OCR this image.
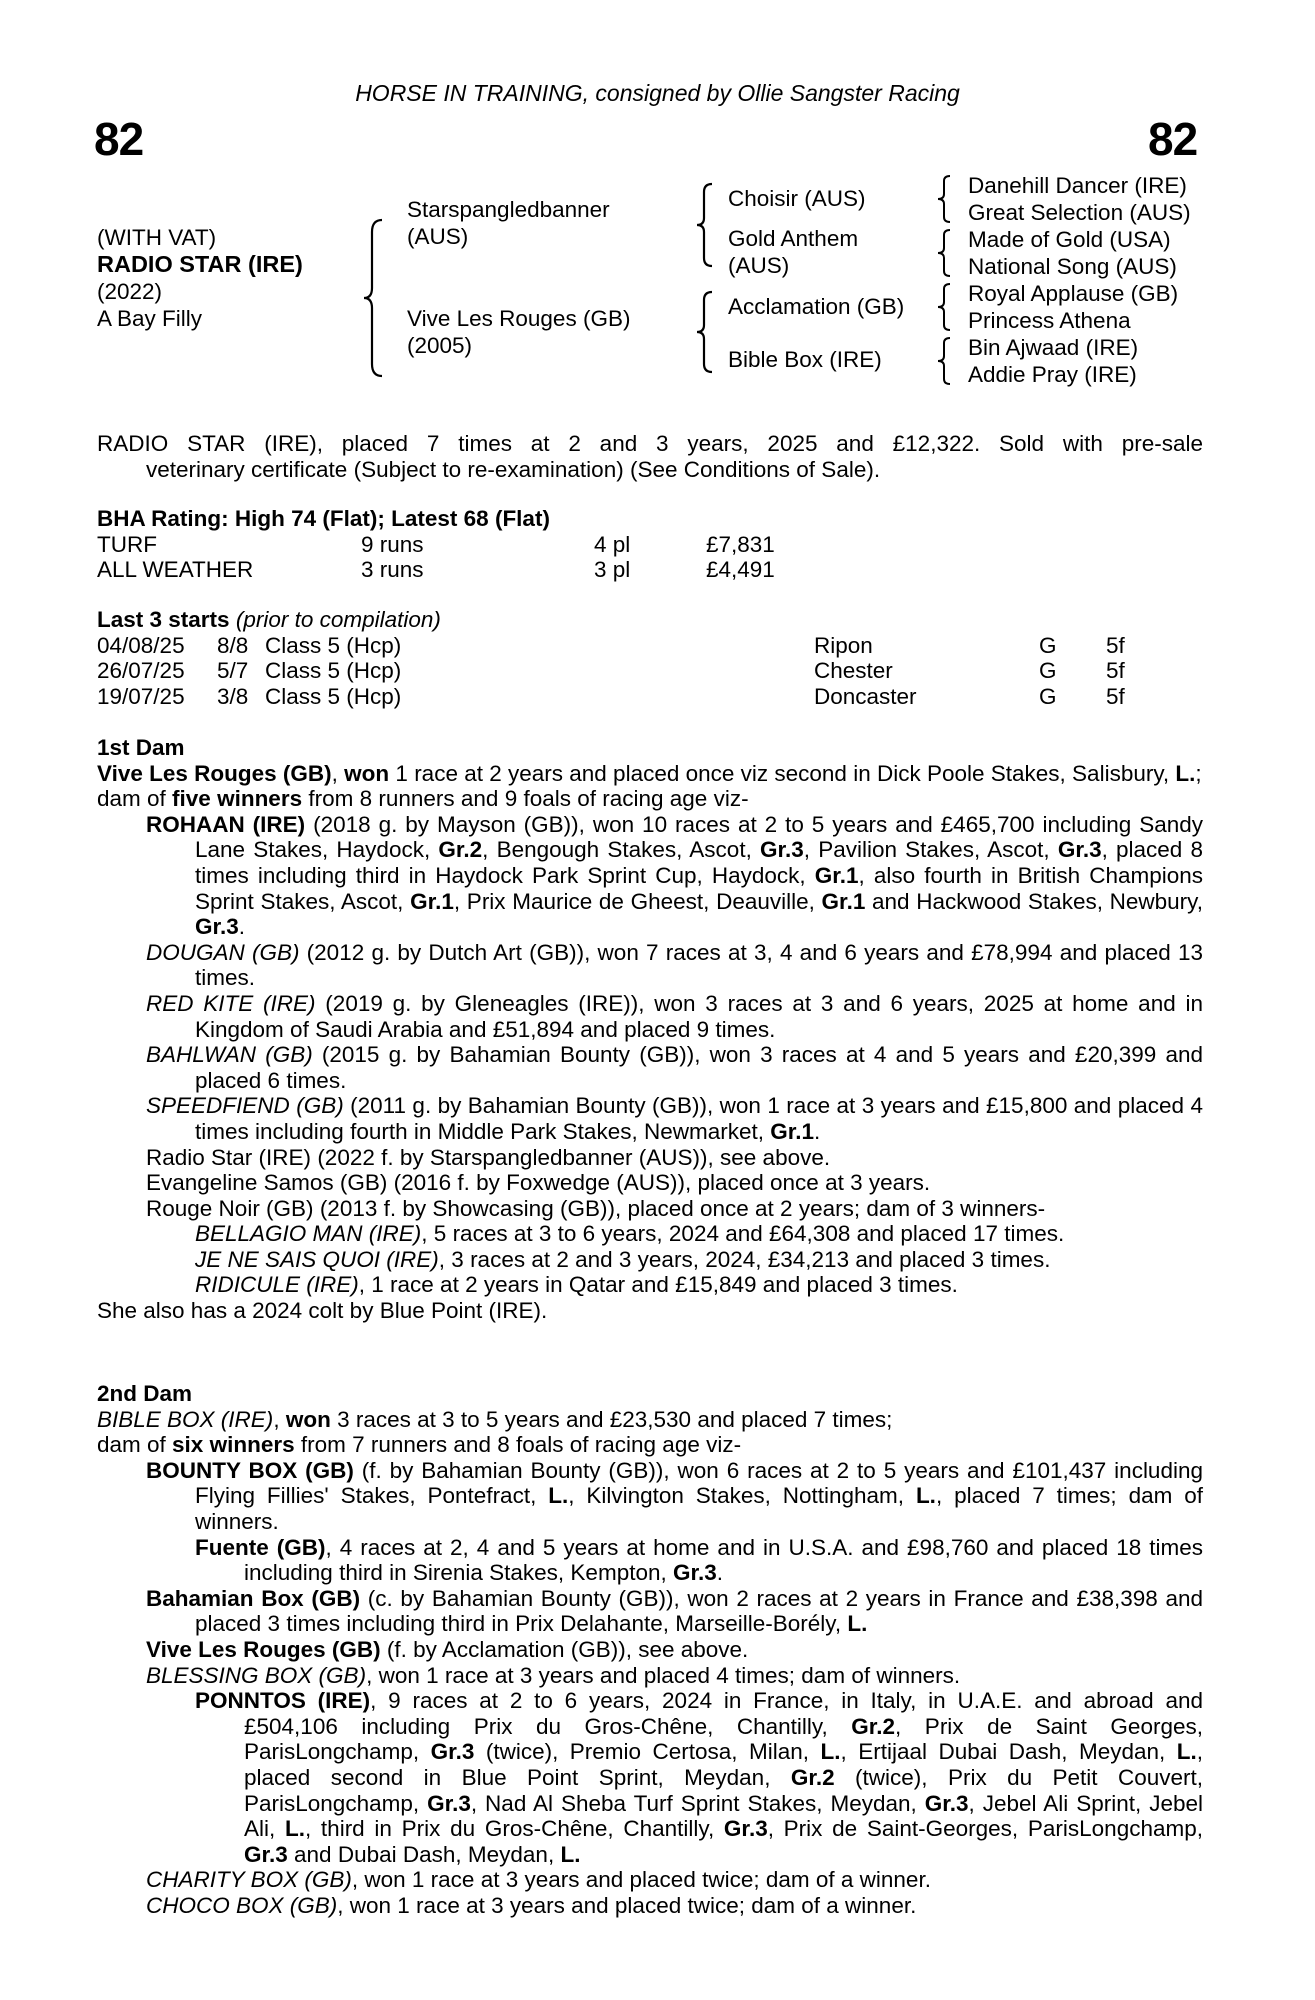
HORSE IN TRAINING, consigned by Ollie Sangster Racing
82	82
(WITH VAT)
RADIO STAR (IRE)
(2022)
A Bay Filly
Starspangledbanner
(AUS)
Vive Les Rouges (GB)
(2005)
Choisir (AUS)
Gold Anthem
(AUS)
Acclamation (GB)
Bible Box (IRE)
Danehill Dancer (IRE)
Great Selection (AUS)
Made of Gold (USA)
National Song (AUS)
Royal Applause (GB)
Princess Athena
Bin Ajwaad (IRE)
Addie Pray (IRE)
RADIO STAR (IRE), placed 7 times at 2 and 3 years, 2025 and £12,322. Sold with pre-sale
veterinary certificate (Subject to re-examination) (See Conditions of Sale).
BHA Rating: High 74 (Flat); Latest 68 (Flat)
TURF	9 runs	4 pl	£7,831
ALL WEATHER	3 runs	3 pl	£4,491
Last 3 starts (prior to compilation)
04/08/25	8/8 Class 5 (Hcp)	Ripon	G	5f
26/07/25	5/7 Class 5 (Hcp)	Chester	G	5f
19/07/25	3/8 Class 5 (Hcp)	Doncaster	G	5f
1st Dam
Vive Les Rouges (GB), won 1 race at 2 years and placed once viz second in Dick Poole Stakes, Salisbury, L.;
dam of five winners from 8 runners and 9 foals of racing age viz-
ROHAAN (IRE) (2018 g. by Mayson (GB)), won 10 races at 2 to 5 years and £465,700 including Sandy Lane Stakes, Haydock, Gr.2, Bengough Stakes, Ascot, Gr.3, Pavilion Stakes, Ascot, Gr.3, placed 8 times including third in Haydock Park Sprint Cup, Haydock, Gr.1, also fourth in British Champions Sprint Stakes, Ascot, Gr.1, Prix Maurice de Gheest, Deauville, Gr.1 and Hackwood Stakes, Newbury, Gr.3.
DOUGAN (GB) (2012 g. by Dutch Art (GB)), won 7 races at 3, 4 and 6 years and £78,994 and placed 13 times.
RED KITE (IRE) (2019 g. by Gleneagles (IRE)), won 3 races at 3 and 6 years, 2025 at home and in Kingdom of Saudi Arabia and £51,894 and placed 9 times.
BAHLWAN (GB) (2015 g. by Bahamian Bounty (GB)), won 3 races at 4 and 5 years and £20,399 and placed 6 times.
SPEEDFIEND (GB) (2011 g. by Bahamian Bounty (GB)), won 1 race at 3 years and £15,800 and placed 4 times including fourth in Middle Park Stakes, Newmarket, Gr.1.
Radio Star (IRE) (2022 f. by Starspangledbanner (AUS)), see above.
Evangeline Samos (GB) (2016 f. by Foxwedge (AUS)), placed once at 3 years.
Rouge Noir (GB) (2013 f. by Showcasing (GB)), placed once at 2 years; dam of 3 winners-
BELLAGIO MAN (IRE), 5 races at 3 to 6 years, 2024 and £64,308 and placed 17 times.
JE NE SAIS QUOI (IRE), 3 races at 2 and 3 years, 2024, £34,213 and placed 3 times.
RIDICULE (IRE), 1 race at 2 years in Qatar and £15,849 and placed 3 times.
She also has a 2024 colt by Blue Point (IRE).
2nd Dam
BIBLE BOX (IRE), won 3 races at 3 to 5 years and £23,530 and placed 7 times;
dam of six winners from 7 runners and 8 foals of racing age viz-
BOUNTY BOX (GB) (f. by Bahamian Bounty (GB)), won 6 races at 2 to 5 years and £101,437 including Flying Fillies' Stakes, Pontefract, L., Kilvington Stakes, Nottingham, L., placed 7 times; dam of winners.
Fuente (GB), 4 races at 2, 4 and 5 years at home and in U.S.A. and £98,760 and placed 18 times including third in Sirenia Stakes, Kempton, Gr.3.
Bahamian Box (GB) (c. by Bahamian Bounty (GB)), won 2 races at 2 years in France and £38,398 and placed 3 times including third in Prix Delahante, Marseille-Borély, L.
Vive Les Rouges (GB) (f. by Acclamation (GB)), see above.
BLESSING BOX (GB), won 1 race at 3 years and placed 4 times; dam of winners.
PONNTOS (IRE), 9 races at 2 to 6 years, 2024 in France, in Italy, in U.A.E. and abroad and £504,106 including Prix du Gros-Chêne, Chantilly, Gr.2, Prix de Saint Georges, ParisLongchamp, Gr.3 (twice), Premio Certosa, Milan, L., Ertijaal Dubai Dash, Meydan, L., placed second in Blue Point Sprint, Meydan, Gr.2 (twice), Prix du Petit Couvert, ParisLongchamp, Gr.3, Nad Al Sheba Turf Sprint Stakes, Meydan, Gr.3, Jebel Ali Sprint, Jebel Ali, L., third in Prix du Gros-Chêne, Chantilly, Gr.3, Prix de Saint-Georges, ParisLongchamp, Gr.3 and Dubai Dash, Meydan, L.
CHARITY BOX (GB), won 1 race at 3 years and placed twice; dam of a winner.
CHOCO BOX (GB), won 1 race at 3 years and placed twice; dam of a winner.
